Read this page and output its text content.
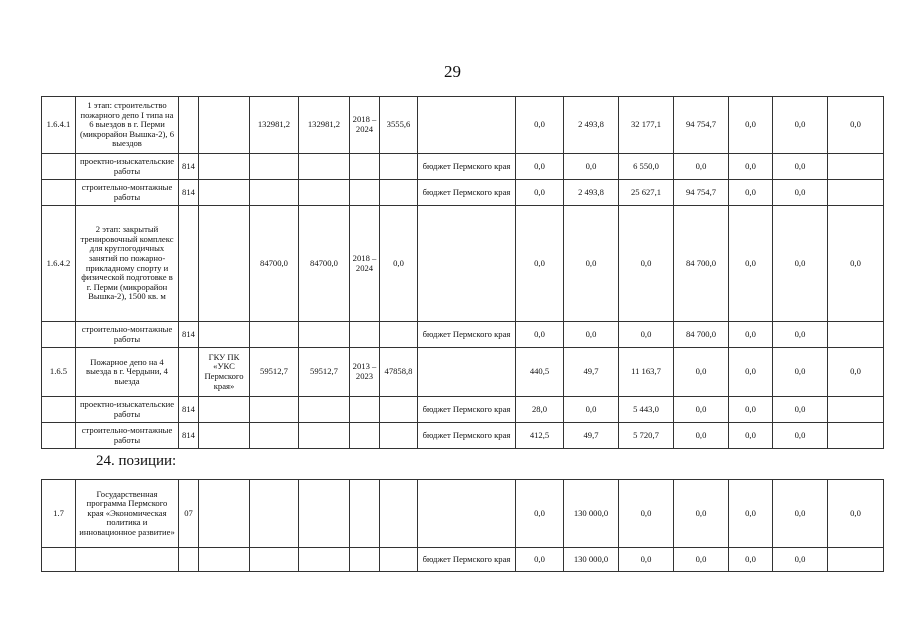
29
1.6.4.1	1 этап: строительство пожарного депо I типа на 6 выездов в г. Перми (микрорайон Вышка-2), 6 выездов			132981,2	132981,2	2018 – 2024	3555,6		0,0	2 493,8	32 177,1	94 754,7	0,0	0,0	0,0
	проектно-изыскательские работы	814						бюджет Пермского края	0,0	0,0	6 550,0	0,0	0,0	0,0	
	строительно-монтажные работы	814						бюджет Пермского края	0,0	2 493,8	25 627,1	94 754,7	0,0	0,0	
1.6.4.2	2 этап: закрытый тренировочный комплекс для круглогодичных занятий по пожарно-прикладному спорту и физической подготовке в г. Перми (микрорайон Вышка-2), 1500 кв. м			84700,0	84700,0	2018 – 2024	0,0		0,0	0,0	0,0	84 700,0	0,0	0,0	0,0
	строительно-монтажные работы	814						бюджет Пермского края	0,0	0,0	0,0	84 700,0	0,0	0,0	
1.6.5	Пожарное депо на 4 выезда в г. Чердыни, 4 выезда		ГКУ ПК «УКС Пермского края»	59512,7	59512,7	2013 – 2023	47858,8		440,5	49,7	11 163,7	0,0	0,0	0,0	0,0
	проектно-изыскательские работы	814						бюджет Пермского края	28,0	0,0	5 443,0	0,0	0,0	0,0	
	строительно-монтажные работы	814						бюджет Пермского края	412,5	49,7	5 720,7	0,0	0,0	0,0	
24. позиции:
1.7	Государственная программа Пермского края «Экономическая политика и инновационное развитие»	07							0,0	130 000,0	0,0	0,0	0,0	0,0	0,0
								бюджет Пермского края	0,0	130 000,0	0,0	0,0	0,0	0,0	
